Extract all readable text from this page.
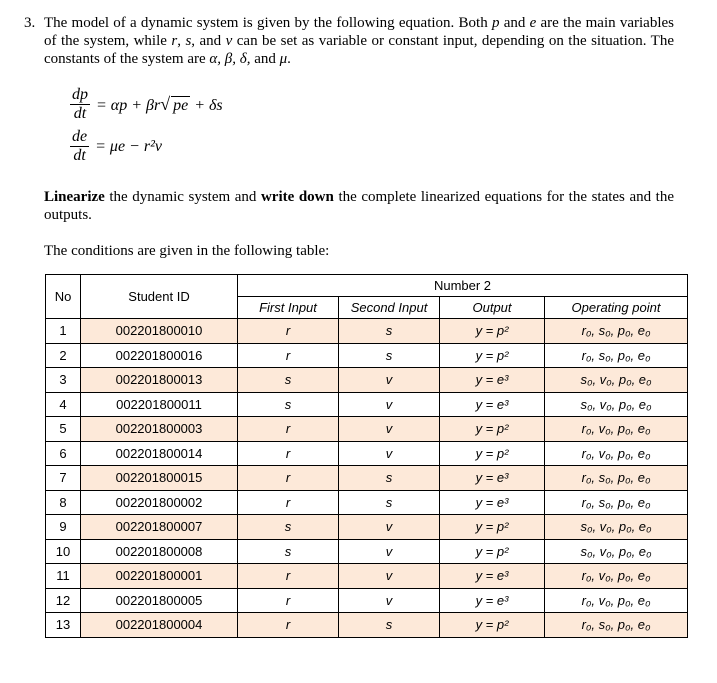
3. The model of a dynamic system is given by the following equation. Both p and e are the main variables of the system, while r, s, and v can be set as variable or constant input, depending on the situation. The constants of the system are α, β, δ, and μ.
$\frac{dp}{dt} = \alpha p + \beta r√$ pe + δs
$\frac{de}{dt} = \mu e - r^2v$
Linearize the dynamic system and write down the complete linearized equations for the states and the outputs.
The conditions are given in the following table:
No	Student ID	Number 2			
		First Input	Second Input	Output	Operating point
1	002201800010	r	s	y = p²	r₀, s₀, p₀, e₀
2	002201800016	r	s	y = p²	r₀, s₀, p₀, e₀
3	002201800013	s	v	y = e³	s₀, v₀, p₀, e₀
4	002201800011	s	v	y = e³	s₀, v₀, p₀, e₀
5	002201800003	r	v	y = p²	r₀, v₀, p₀, e₀
6	002201800014	r	v	y = p²	r₀, v₀, p₀, e₀
7	002201800015	r	s	y = e³	r₀, s₀, p₀, e₀
8	002201800002	r	s	y = e³	r₀, s₀, p₀, e₀
9	002201800007	s	v	y = p²	s₀, v₀, p₀, e₀
10	002201800008	s	v	y = p²	s₀, v₀, p₀, e₀
11	002201800001	r	v	y = e³	r₀, v₀, p₀, e₀
12	002201800005	r	v	y = e³	r₀, v₀, p₀, e₀
13	002201800004	r	s	y = p²	r₀, s₀, p₀, e₀
